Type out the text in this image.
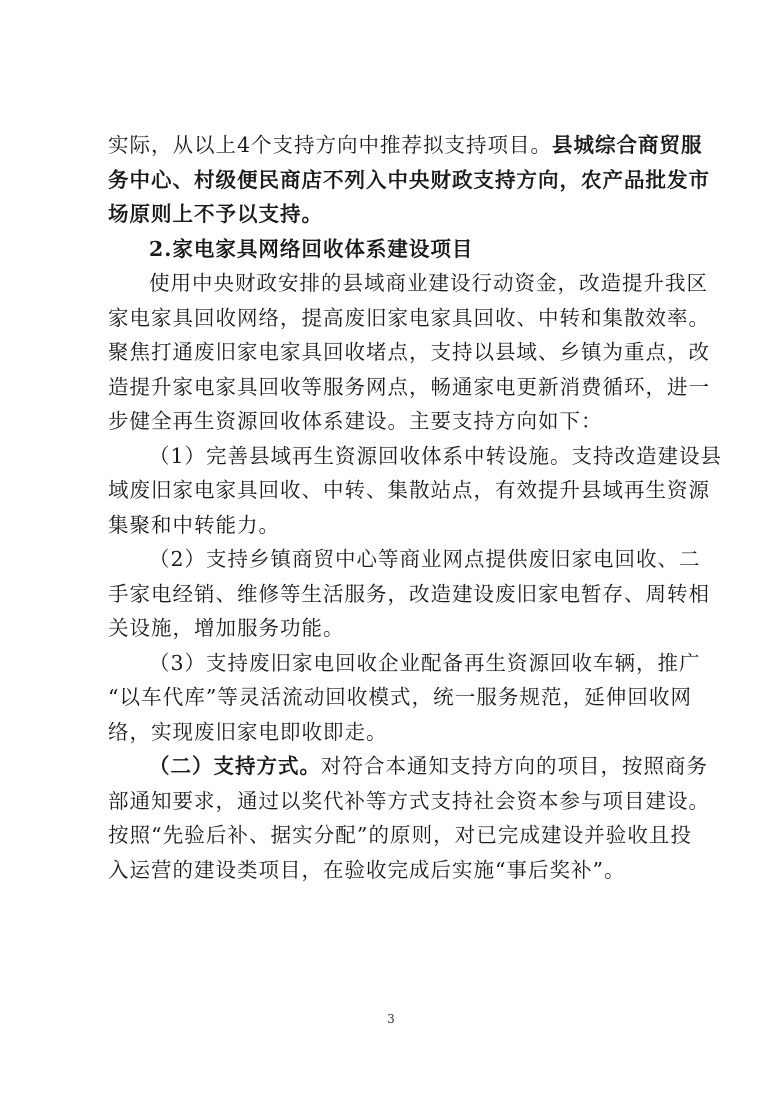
实际，从以上4个支持方向中推荐拟支持项目。县城综合商贸服
务中心、村级便民商店不列入中央财政支持方向，农产品批发市
场原则上不予以支持。
2.家电家具网络回收体系建设项目
使用中央财政安排的县域商业建设行动资金，改造提升我区
家电家具回收网络，提高废旧家电家具回收、中转和集散效率。
聚焦打通废旧家电家具回收堵点，支持以县域、乡镇为重点，改
造提升家电家具回收等服务网点，畅通家电更新消费循环，进一
步健全再生资源回收体系建设。主要支持方向如下：
（1）完善县域再生资源回收体系中转设施。支持改造建设县
域废旧家电家具回收、中转、集散站点，有效提升县域再生资源
集聚和中转能力。
（2）支持乡镇商贸中心等商业网点提供废旧家电回收、二
手家电经销、维修等生活服务，改造建设废旧家电暂存、周转相
关设施，增加服务功能。
（3）支持废旧家电回收企业配备再生资源回收车辆，推广
“以车代库”等灵活流动回收模式，统一服务规范，延伸回收网
络，实现废旧家电即收即走。
（二）支持方式。对符合本通知支持方向的项目，按照商务
部通知要求，通过以奖代补等方式支持社会资本参与项目建设。
按照“先验后补、据实分配”的原则，对已完成建设并验收且投
入运营的建设类项目，在验收完成后实施“事后奖补”。
3
